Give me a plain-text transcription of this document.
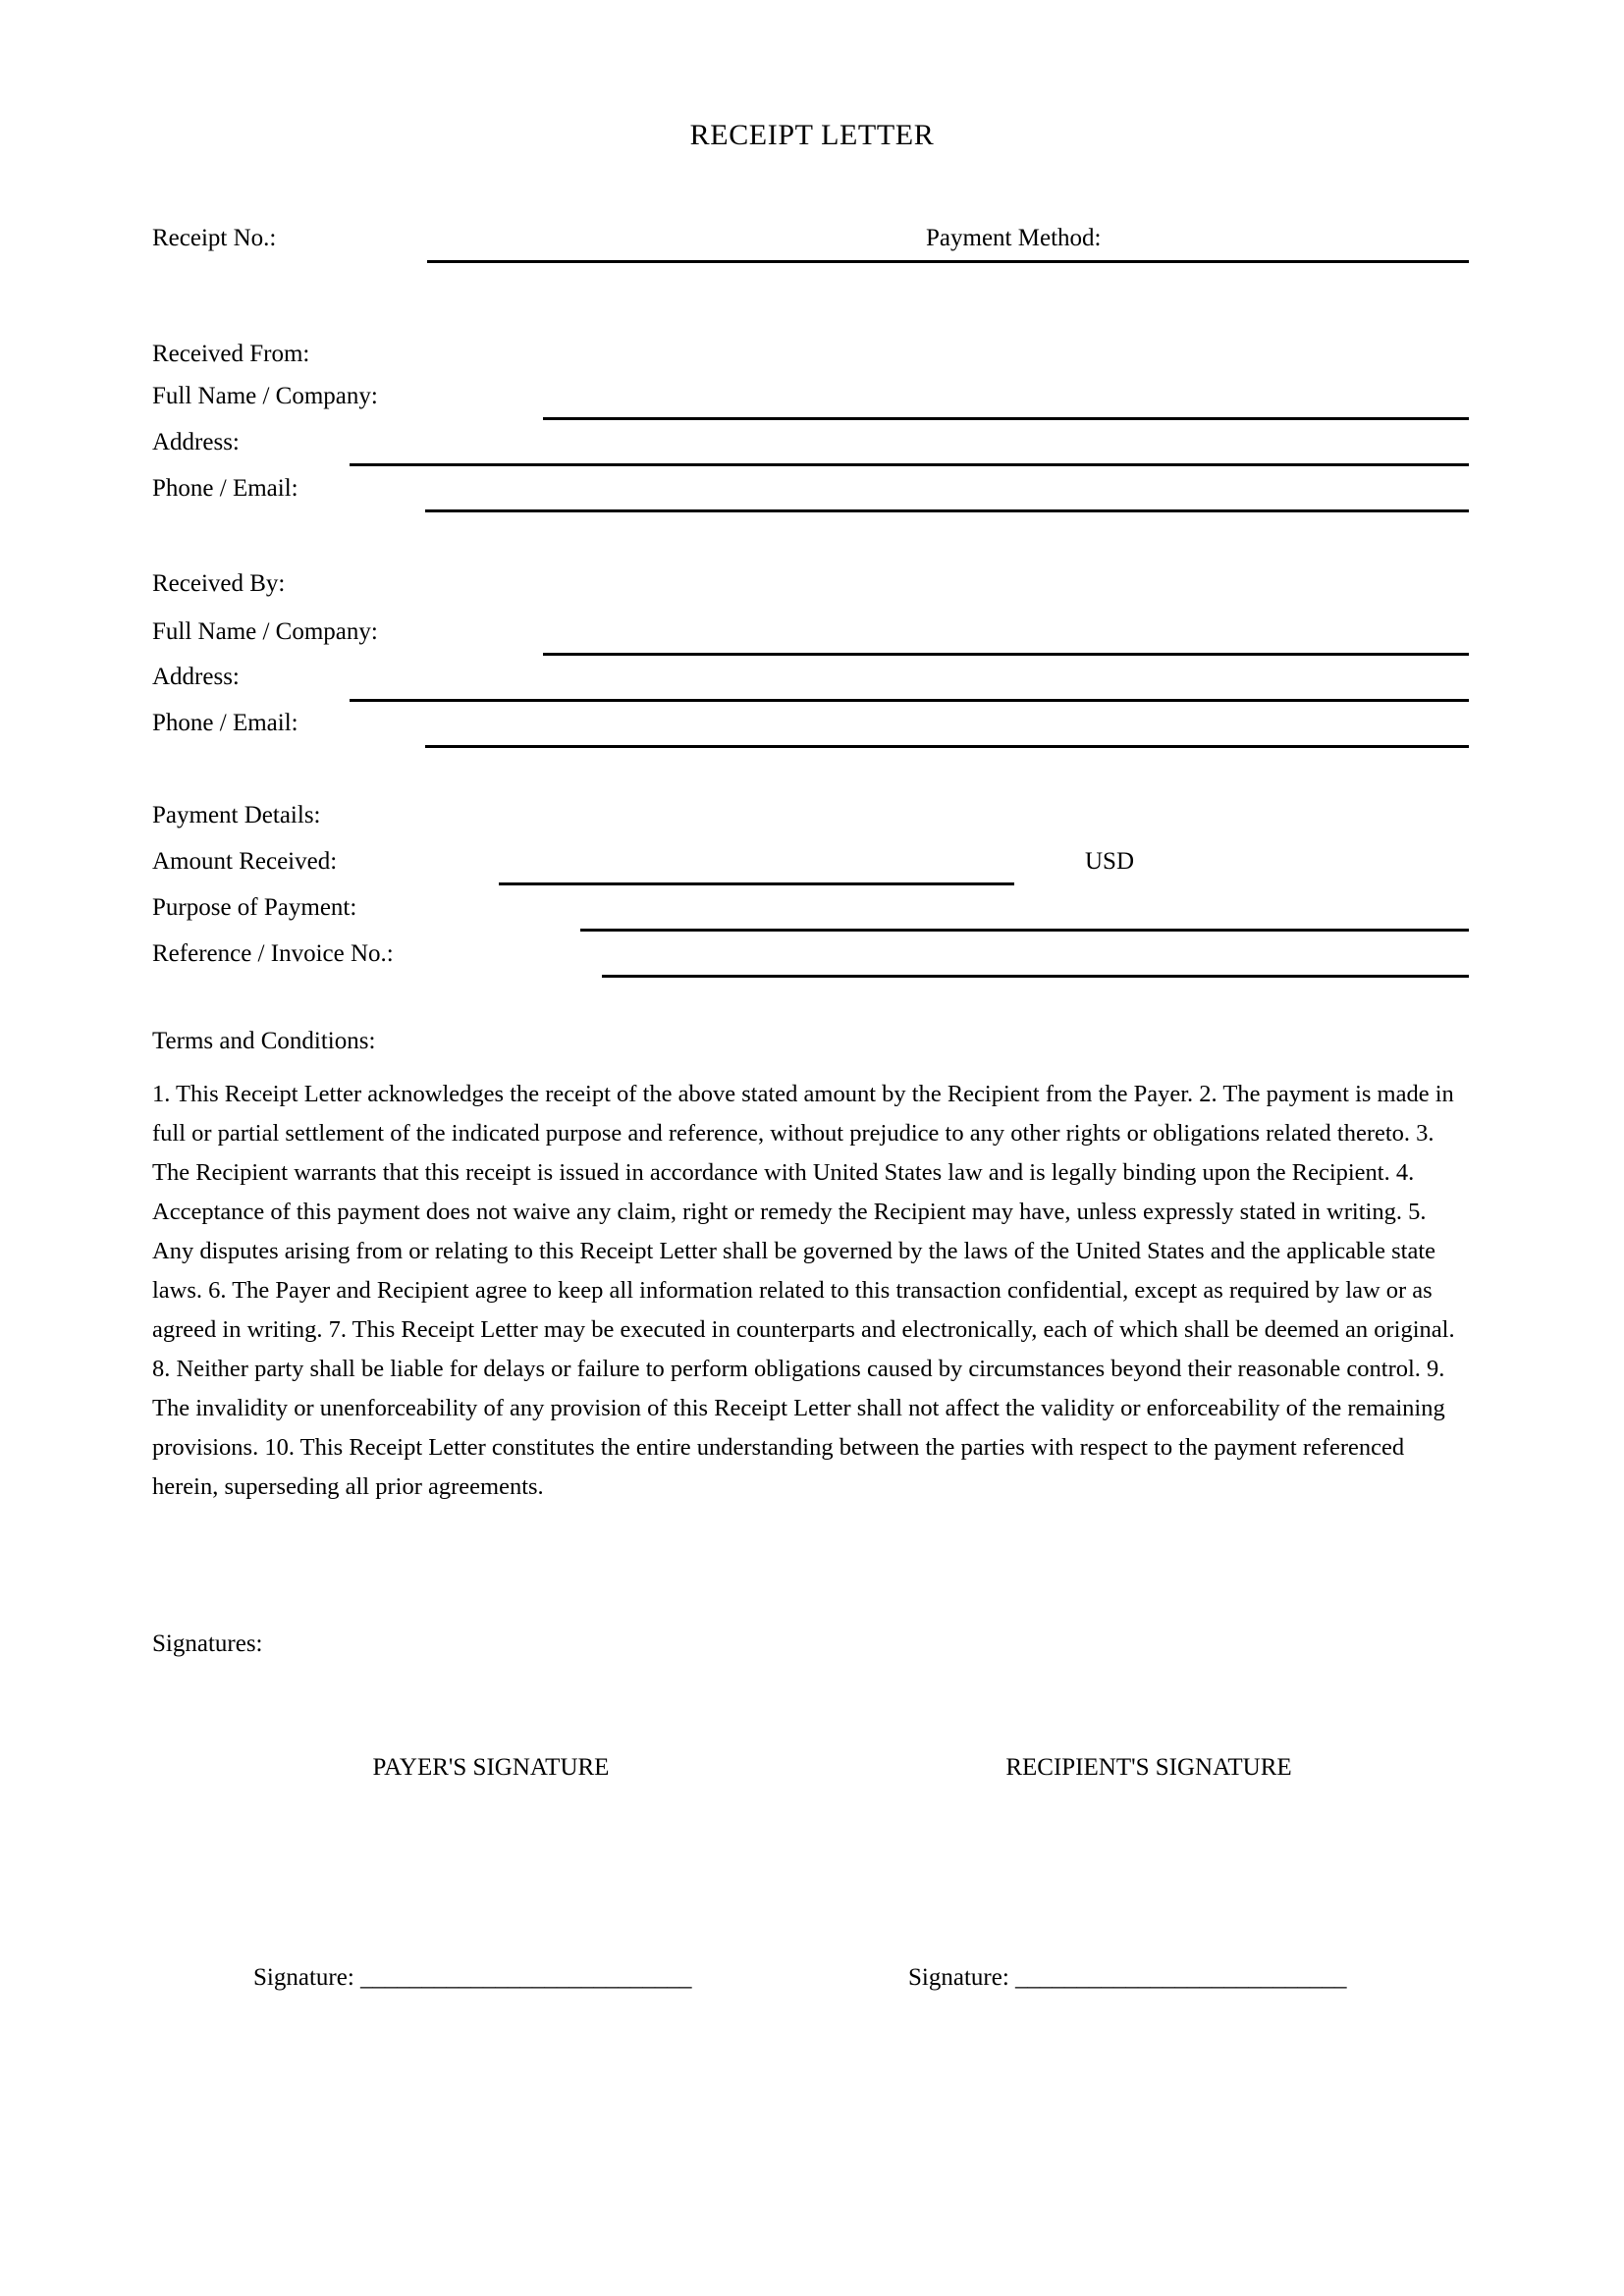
RECEIPT LETTER
Receipt No.:	Payment Method:
Received From:
Full Name / Company:
Address:
Phone / Email:
Received By:
Full Name / Company:
Address:
Phone / Email:
Payment Details:
Amount Received:	USD
Purpose of Payment:
Reference / Invoice No.:
Terms and Conditions:
1. This Receipt Letter acknowledges the receipt of the above stated amount by the Recipient from the Payer. 2. The payment is made in full or partial settlement of the indicated purpose and reference, without prejudice to any other rights or obligations related thereto. 3. The Recipient warrants that this receipt is issued in accordance with United States law and is legally binding upon the Recipient. 4. Acceptance of this payment does not waive any claim, right or remedy the Recipient may have, unless expressly stated in writing. 5. Any disputes arising from or relating to this Receipt Letter shall be governed by the laws of the United States and the applicable state laws. 6. The Payer and Recipient agree to keep all information related to this transaction confidential, except as required by law or as agreed in writing. 7. This Receipt Letter may be executed in counterparts and electronically, each of which shall be deemed an original. 8. Neither party shall be liable for delays or failure to perform obligations caused by circumstances beyond their reasonable control. 9. The invalidity or unenforceability of any provision of this Receipt Letter shall not affect the validity or enforceability of the remaining provisions. 10. This Receipt Letter constitutes the entire understanding between the parties with respect to the payment referenced herein, superseding all prior agreements.
Signatures:
PAYER'S SIGNATURE	RECIPIENT'S SIGNATURE
Signature: ___________________________	Signature: ___________________________
